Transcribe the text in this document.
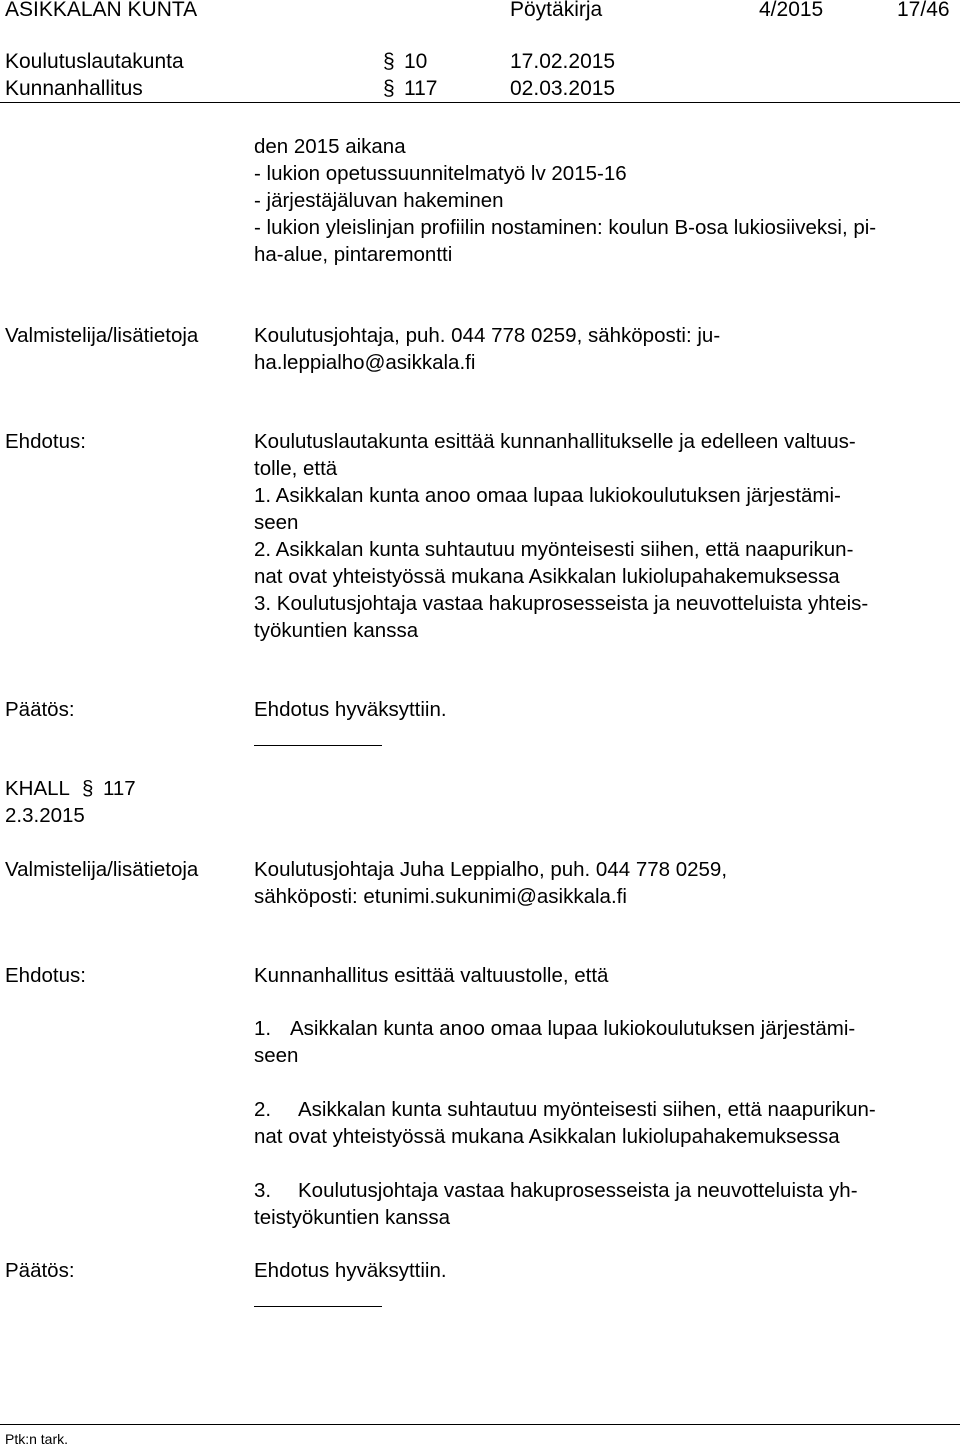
ASIKKALAN KUNTA	Pöytäkirja	4/2015	17/46
Koulutuslautakunta	§ 10	17.02.2015
Kunnanhallitus	§ 117	02.03.2015
den 2015 aikana
- lukion opetussuunnitelmatyö lv 2015-16
- järjestäjäluvan hakeminen
- lukion yleislinjan profiilin nostaminen: koulun B-osa lukiosiiveksi, pi-
ha-alue, pintaremontti
Valmistelija/lisätietoja	Koulutusjohtaja, puh. 044 778 0259, sähköposti: ju-
ha.leppialho@asikkala.fi
Ehdotus:	Koulutuslautakunta esittää kunnanhallitukselle ja edelleen valtuus-
tolle, että
1. Asikkalan kunta anoo omaa lupaa lukiokoulutuksen järjestämi-
seen
2. Asikkalan kunta suhtautuu myönteisesti siihen, että naapurikun-
nat ovat yhteistyössä mukana Asikkalan lukiolupahakemuksessa
3. Koulutusjohtaja vastaa hakuprosesseista ja neuvotteluista yhteis-
työkuntien kanssa
Päätös:	Ehdotus hyväksyttiin.
KHALL § 117
2.3.2015
Valmistelija/lisätietoja	Koulutusjohtaja Juha Leppialho, puh. 044 778 0259,
sähköposti: etunimi.sukunimi@asikkala.fi
Ehdotus:	Kunnanhallitus esittää valtuustolle, että
1. Asikkalan kunta anoo omaa lupaa lukiokoulutuksen järjestämi-
seen
2. Asikkalan kunta suhtautuu myönteisesti siihen, että naapurikun-
nat ovat yhteistyössä mukana Asikkalan lukiolupahakemuksessa
3. Koulutusjohtaja vastaa hakuprosesseista ja neuvotteluista yh-
teistyökuntien kanssa
Päätös:	Ehdotus hyväksyttiin.
Ptk:n tark.
